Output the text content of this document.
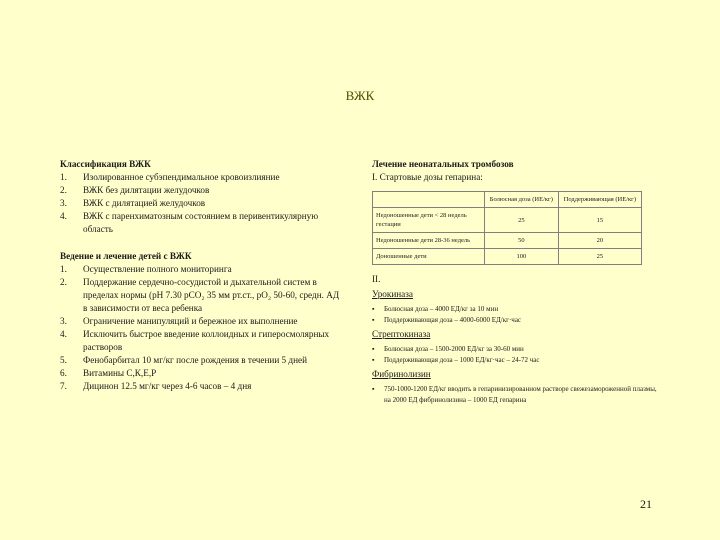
ВЖК
Классификация ВЖК
1. Изолированное субэпендимальное кровоизлияние
2. ВЖК без дилятации желудочков
3. ВЖК с дилятацией желудочков
4. ВЖК с паренхиматозным состоянием в перивентикулярную область
Ведение и лечение детей с ВЖК
1. Осуществление полного мониторинга
2. Поддержание сердечно-сосудистой и дыхательной систем в пределах нормы (pH 7.30 pCO₂ 35 мм рт.ст., pO₂ 50-60, средн. АД в зависимости от веса ребенка
3. Ограничение манипуляций и бережное их выполнение
4. Исключить быстрое введение коллоидных и гиперосмолярных растворов
5. Фенобарбитал 10 мг/кг после рождения в течении 5 дней
6. Витамины С,К,Е,Р
7. Дицинон 12.5 мг/кг через 4-6 часов – 4 дня
Лечение неонатальных тромбозов
I. Стартовые дозы гепарина:
	Болюсная доза (ИЕ/кг)	Поддерживающая (ИЕ/кг)
Недоношенные дети < 28 недель гестации	25	15
Недоношенные дети 28-36 недель	50	20
Доношенные дети	100	25
II.
Урокиназа
▪ Болюсная доза – 4000 ЕД/кг за 10 мин
▪ Поддерживающая доза – 4000-6000 ЕД/кг·час
Стрептокиназа
▪ Болюсная доза – 1500-2000 ЕД/кг за 30-60 мин
▪ Поддерживающая доза – 1000 ЕД/кг·час – 24-72 час
Фибринолизин
▪ 750-1000-1200 ЕД/кг вводить в гепаринизированном растворе свежезамороженной плазмы, на 2000 ЕД фибринолизина – 1000 ЕД гепарина
21
